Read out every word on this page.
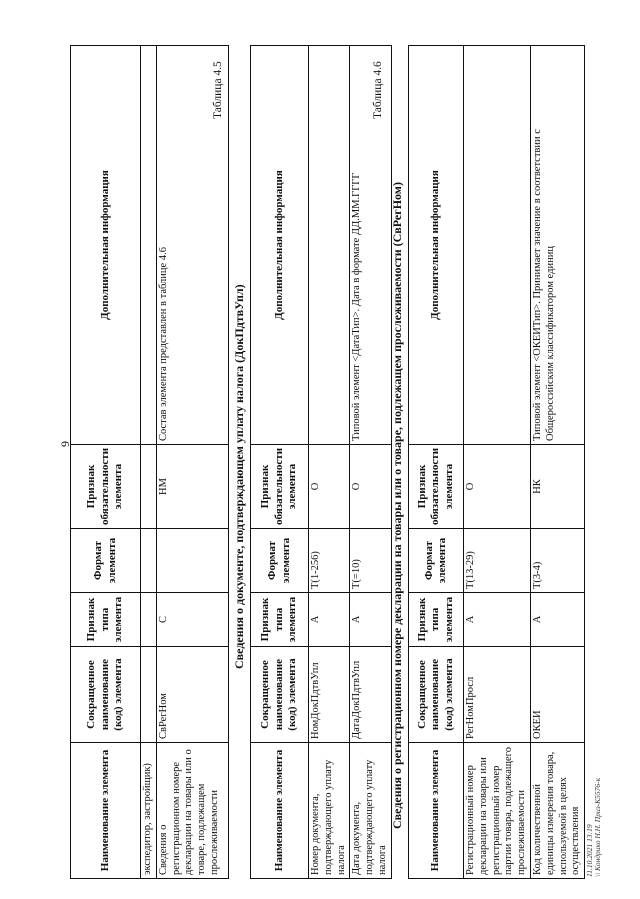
9
Наименование элемента	Сокращенное наименование (код) элемента	Признак типа элемента	Формат элемента	Признак обязательности элемента	Дополнительная информация
экспедитор, застройщик)					
Сведения о регистрационном номере декларации на товары или о товаре, подлежащем прослеживаемости	СвРегНом	С		НМ	Состав элемента представлен в таблице 4.6
Таблица 4.5
Сведения о документе, подтверждающем уплату налога (ДокПдтвУпл)
Наименование элемента	Сокращенное наименование (код) элемента	Признак типа элемента	Формат элемента	Признак обязательности элемента	Дополнительная информация
Номер документа, подтверждающего уплату налога	НомДокПдтвУпл	А	Т(1-256)	О	
Дата документа, подтверждающего уплату налога	ДатаДокПдтвУпл	А	Т(=10)	О	Типовой элемент <ДатаТип>. Дата в формате ДД.ММ.ГГГГ
Таблица 4.6
Сведения о регистрационном номере декларации на товары или о товаре, подлежащем прослеживаемости (СвРегНом) Наименование элемента	Сокращенное наименование (код) элемента	Признак типа элемента	Формат элемента	Признак обязательности элемента	Дополнительная информация
Регистрационный номер декларации на товары или регистрационный номер партии товара, подлежащего прослеживаемости	РегНомПросл	А	Т(13-29)	О	
Код количественной единицы измерения товара, используемой в целях осуществления	ОКЕИ	А	Т(3-4)	НК	Типовой элемент <ОКЕИТип>. Принимает значение в соответствии с Общероссийским классификатором единиц
11.10.2021 13:19 \\ Кондрико Н.Н. Приз-К5576-к
